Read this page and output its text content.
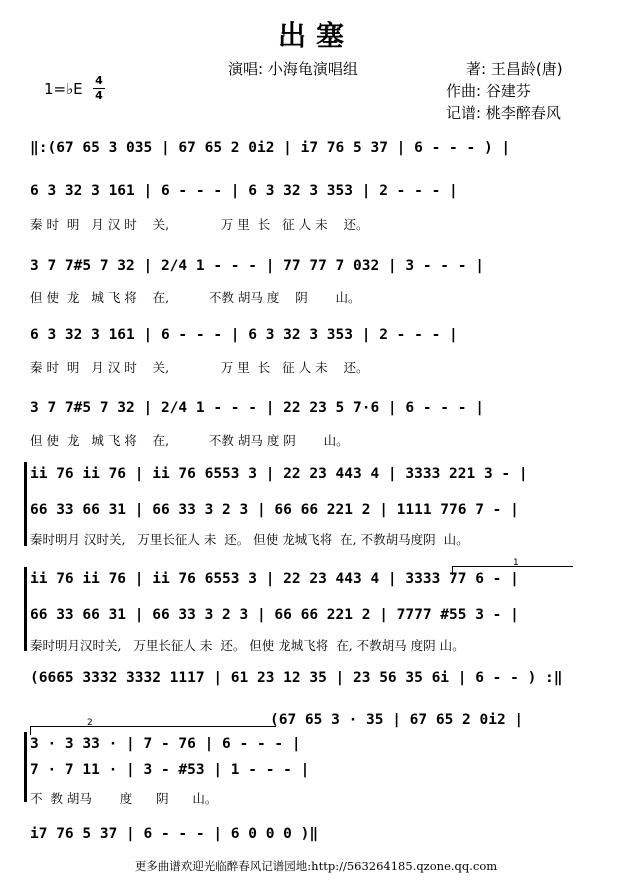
出塞
演唱: 小海龟演唱组	著: 王昌龄(唐)
作曲: 谷建芬
记谱: 桃李醉春风
1=♭E 4
4
1
2
‖:(67 65 3 035 | 67 65 2 0i2 | i7 76 5 37 | 6 - - - ) |
6 3 32 3 161 | 6 - - - | 6 3 32 3 353 | 2 - - - |
秦 时  明   月 汉 时    关,             万 里  长   征 人 未    还。
3 7 7#5 7 32 | 2/4 1 - - - | 77 77 7 032 | 3 - - - |
但 使  龙   城 飞 将    在,          不教 胡马 度    阴       山。
6 3 32 3 161 | 6 - - - | 6 3 32 3 353 | 2 - - - |
秦 时  明   月 汉 时    关,             万 里  长   征 人 未    还。
3 7 7#5 7 32 | 2/4 1 - - - | 22 23 5 7·6 | 6 - - - |
但 使  龙   城 飞 将    在,          不教 胡马 度 阴       山。
ii 76 ii 76 | ii 76 6553 3 | 22 23 443 4 | 3333 221 3 - |
66 33 66 31 | 66 33 3 2 3 | 66 66 221 2 | 1111 776 7 - |
秦时明月 汉时关,   万里长征人 未  还。 但使 龙城飞将  在, 不教胡马度阴  山。
ii 76 ii 76 | ii 76 6553 3 | 22 23 443 4 | 3333 77 6 - |
66 33 66 31 | 66 33 3 2 3 | 66 66 221 2 | 7777 #55 3 - |
秦时明月汉时关,   万里长征人 未  还。 但使 龙城飞将  在, 不教胡马 度阴 山。
(6665 3332 3332 1117 | 61 23 12 35 | 23 56 35 6i | 6 - - ) :‖
(67 65 3 · 35 | 67 65 2 0i2 |
3 · 3 33 · | 7 - 76 | 6 - - - |
7 · 7 11 · | 3 - #53 | 1 - - - |
不  教 胡马       度      阴      山。
i7 76 5 37 | 6 - - - | 6 0 0 0 )‖
更多曲谱欢迎光临醉春风记谱园地:http://563264185.qzone.qq.com
